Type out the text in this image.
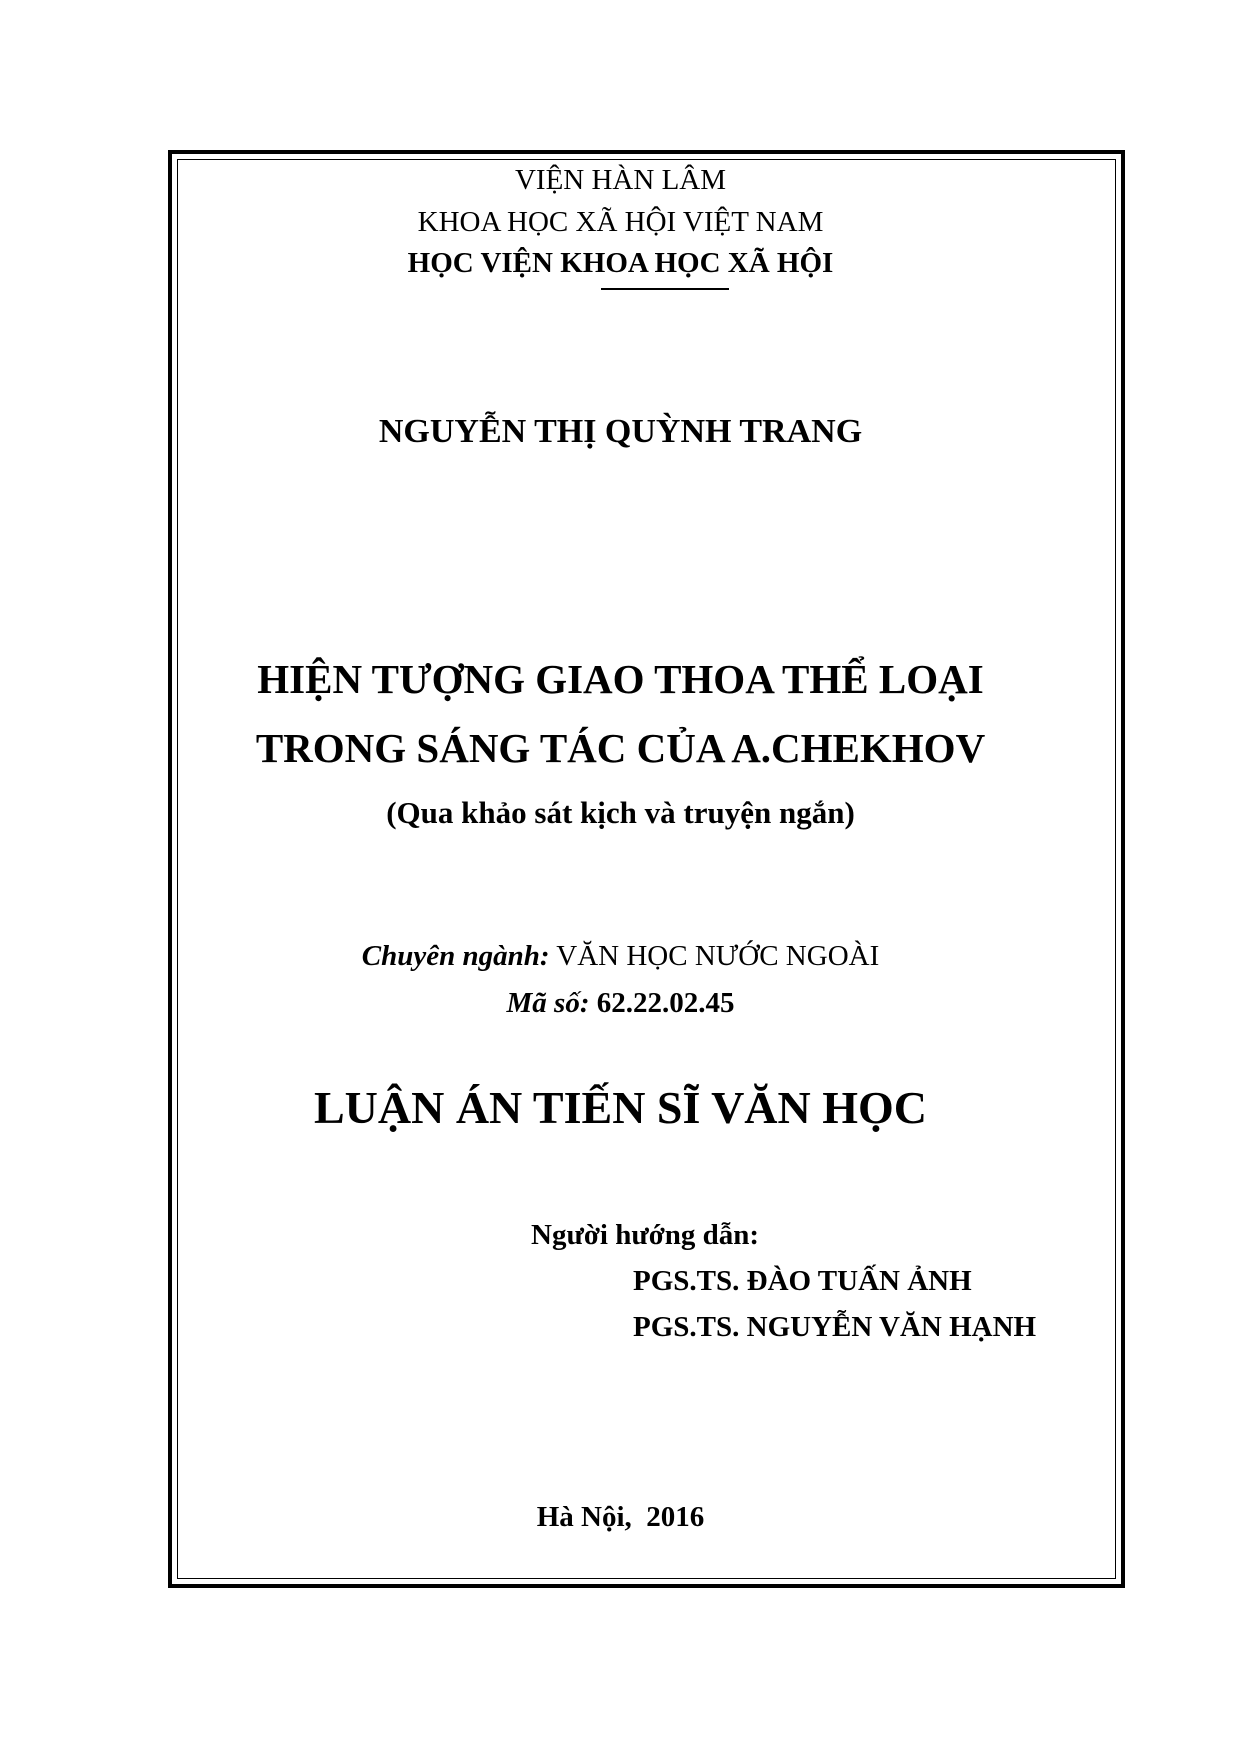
VIỆN HÀN LÂM
KHOA HỌC XÃ HỘI VIỆT NAM
HỌC VIỆN KHOA HỌC XÃ HỘI
NGUYỄN THỊ QUỲNH TRANG
HIỆN TƯỢNG GIAO THOA THỂ LOẠI
TRONG SÁNG TÁC CỦA A.CHEKHOV
(Qua khảo sát kịch và truyện ngắn)
Chuyên ngành: VĂN HỌC NƯỚC NGOÀI
Mã số: 62.22.02.45
LUẬN ÁN TIẾN SĨ VĂN HỌC
Người hướng dẫn:
PGS.TS. ĐÀO TUẤN ẢNH
PGS.TS. NGUYỄN VĂN HẠNH
Hà Nội,  2016
